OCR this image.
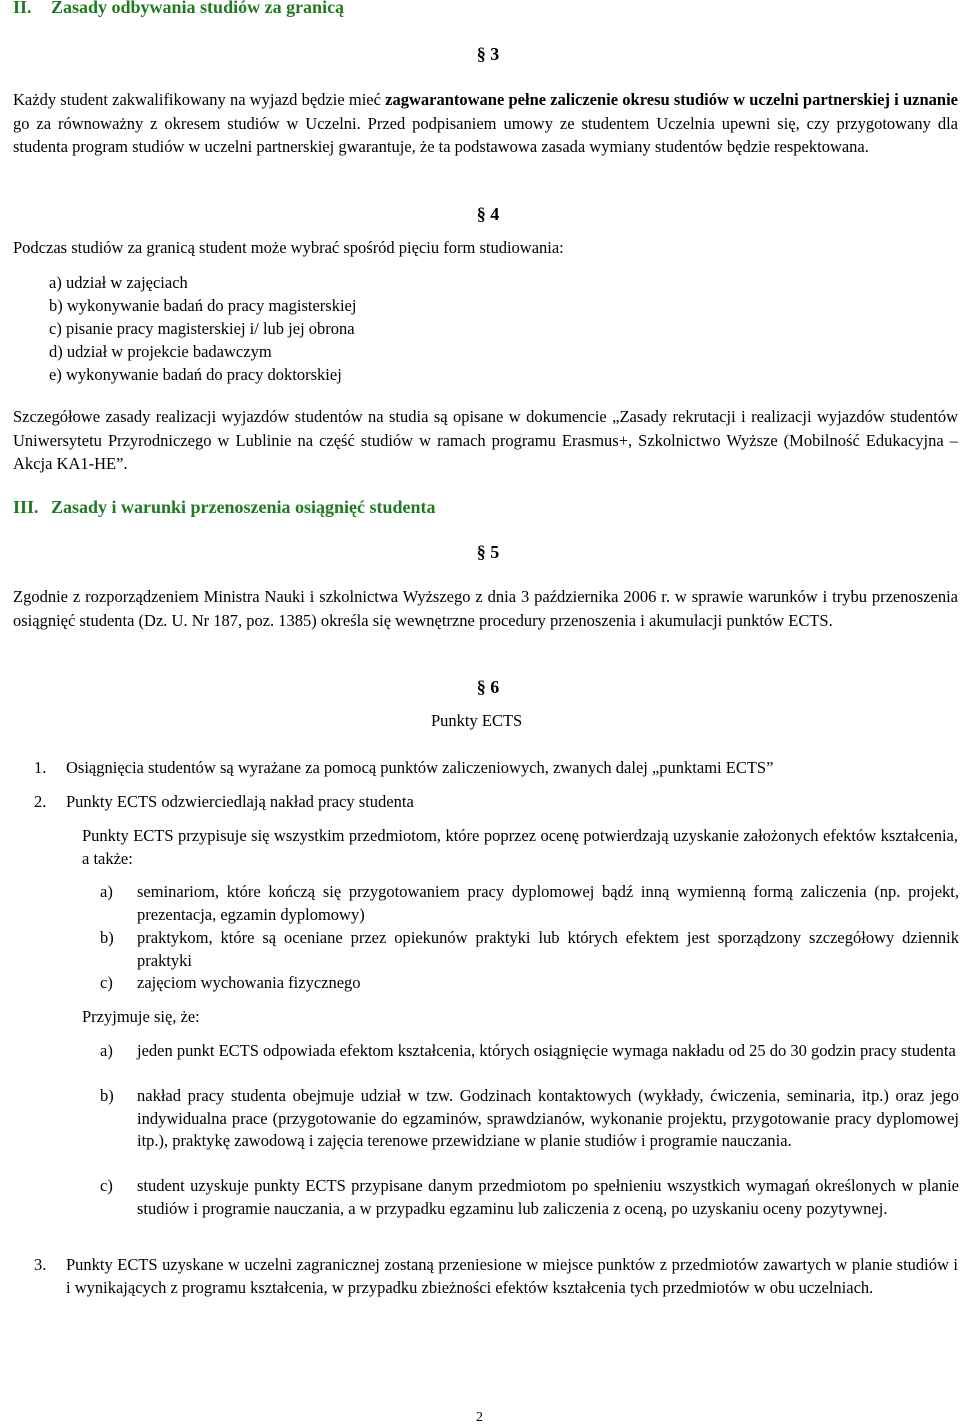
II. Zasady odbywania studiów za granicą
§ 3
Każdy student zakwalifikowany na wyjazd będzie mieć zagwarantowane pełne zaliczenie okresu studiów w uczelni partnerskiej i uznanie go za równoważny z okresem studiów w Uczelni. Przed podpisaniem umowy ze studentem Uczelnia upewni się, czy przygotowany dla studenta program studiów w uczelni partnerskiej gwarantuje, że ta podstawowa zasada wymiany studentów będzie respektowana.
§ 4
Podczas studiów za granicą student może wybrać spośród pięciu form studiowania:
a) udział w zajęciach
b) wykonywanie badań do pracy magisterskiej
c) pisanie pracy magisterskiej i/ lub jej obrona
d) udział w projekcie badawczym
e) wykonywanie badań do pracy doktorskiej
Szczegółowe zasady realizacji wyjazdów studentów na studia są opisane w dokumencie „Zasady rekrutacji i realizacji wyjazdów studentów Uniwersytetu Przyrodniczego w Lublinie na część studiów w ramach programu Erasmus+, Szkolnictwo Wyższe (Mobilność Edukacyjna – Akcja KA1-HE”.
III. Zasady i warunki przenoszenia osiągnięć studenta
§ 5
Zgodnie z rozporządzeniem Ministra Nauki i szkolnictwa Wyższego z dnia 3 października 2006 r. w sprawie warunków i trybu przenoszenia osiągnięć studenta (Dz. U. Nr 187, poz. 1385) określa się wewnętrzne procedury przenoszenia i akumulacji punktów ECTS.
§ 6
Punkty ECTS
1. Osiągnięcia studentów są wyrażane za pomocą punktów zaliczeniowych, zwanych dalej „punktami ECTS”
2. Punkty ECTS odzwierciedlają nakład pracy studenta
Punkty ECTS przypisuje się wszystkim przedmiotom, które poprzez ocenę potwierdzają uzyskanie założonych efektów kształcenia, a także:
a) seminariom, które kończą się przygotowaniem pracy dyplomowej bądź inną wymienną formą zaliczenia (np. projekt, prezentacja, egzamin dyplomowy)
b) praktykom, które są oceniane przez opiekunów praktyki lub których efektem jest sporządzony szczegółowy dziennik praktyki
c) zajęciom wychowania fizycznego
Przyjmuje się, że:
a) jeden punkt ECTS odpowiada efektom kształcenia, których osiągnięcie wymaga nakładu od 25 do 30 godzin pracy studenta
b) nakład pracy studenta obejmuje udział w tzw. Godzinach kontaktowych (wykłady, ćwiczenia, seminaria, itp.) oraz jego indywidualna prace (przygotowanie do egzaminów, sprawdzianów, wykonanie projektu, przygotowanie pracy dyplomowej itp.), praktykę zawodową i zajęcia terenowe przewidziane w planie studiów i programie nauczania.
c) student uzyskuje punkty ECTS przypisane danym przedmiotom po spełnieniu wszystkich wymagań określonych w planie studiów i programie nauczania, a w przypadku egzaminu lub zaliczenia z oceną, po uzyskaniu oceny pozytywnej.
3. Punkty ECTS uzyskane w uczelni zagranicznej zostaną przeniesione w miejsce punktów z przedmiotów zawartych w planie studiów i i wynikających z programu kształcenia, w przypadku zbieżności efektów kształcenia tych przedmiotów w obu uczelniach.
2
